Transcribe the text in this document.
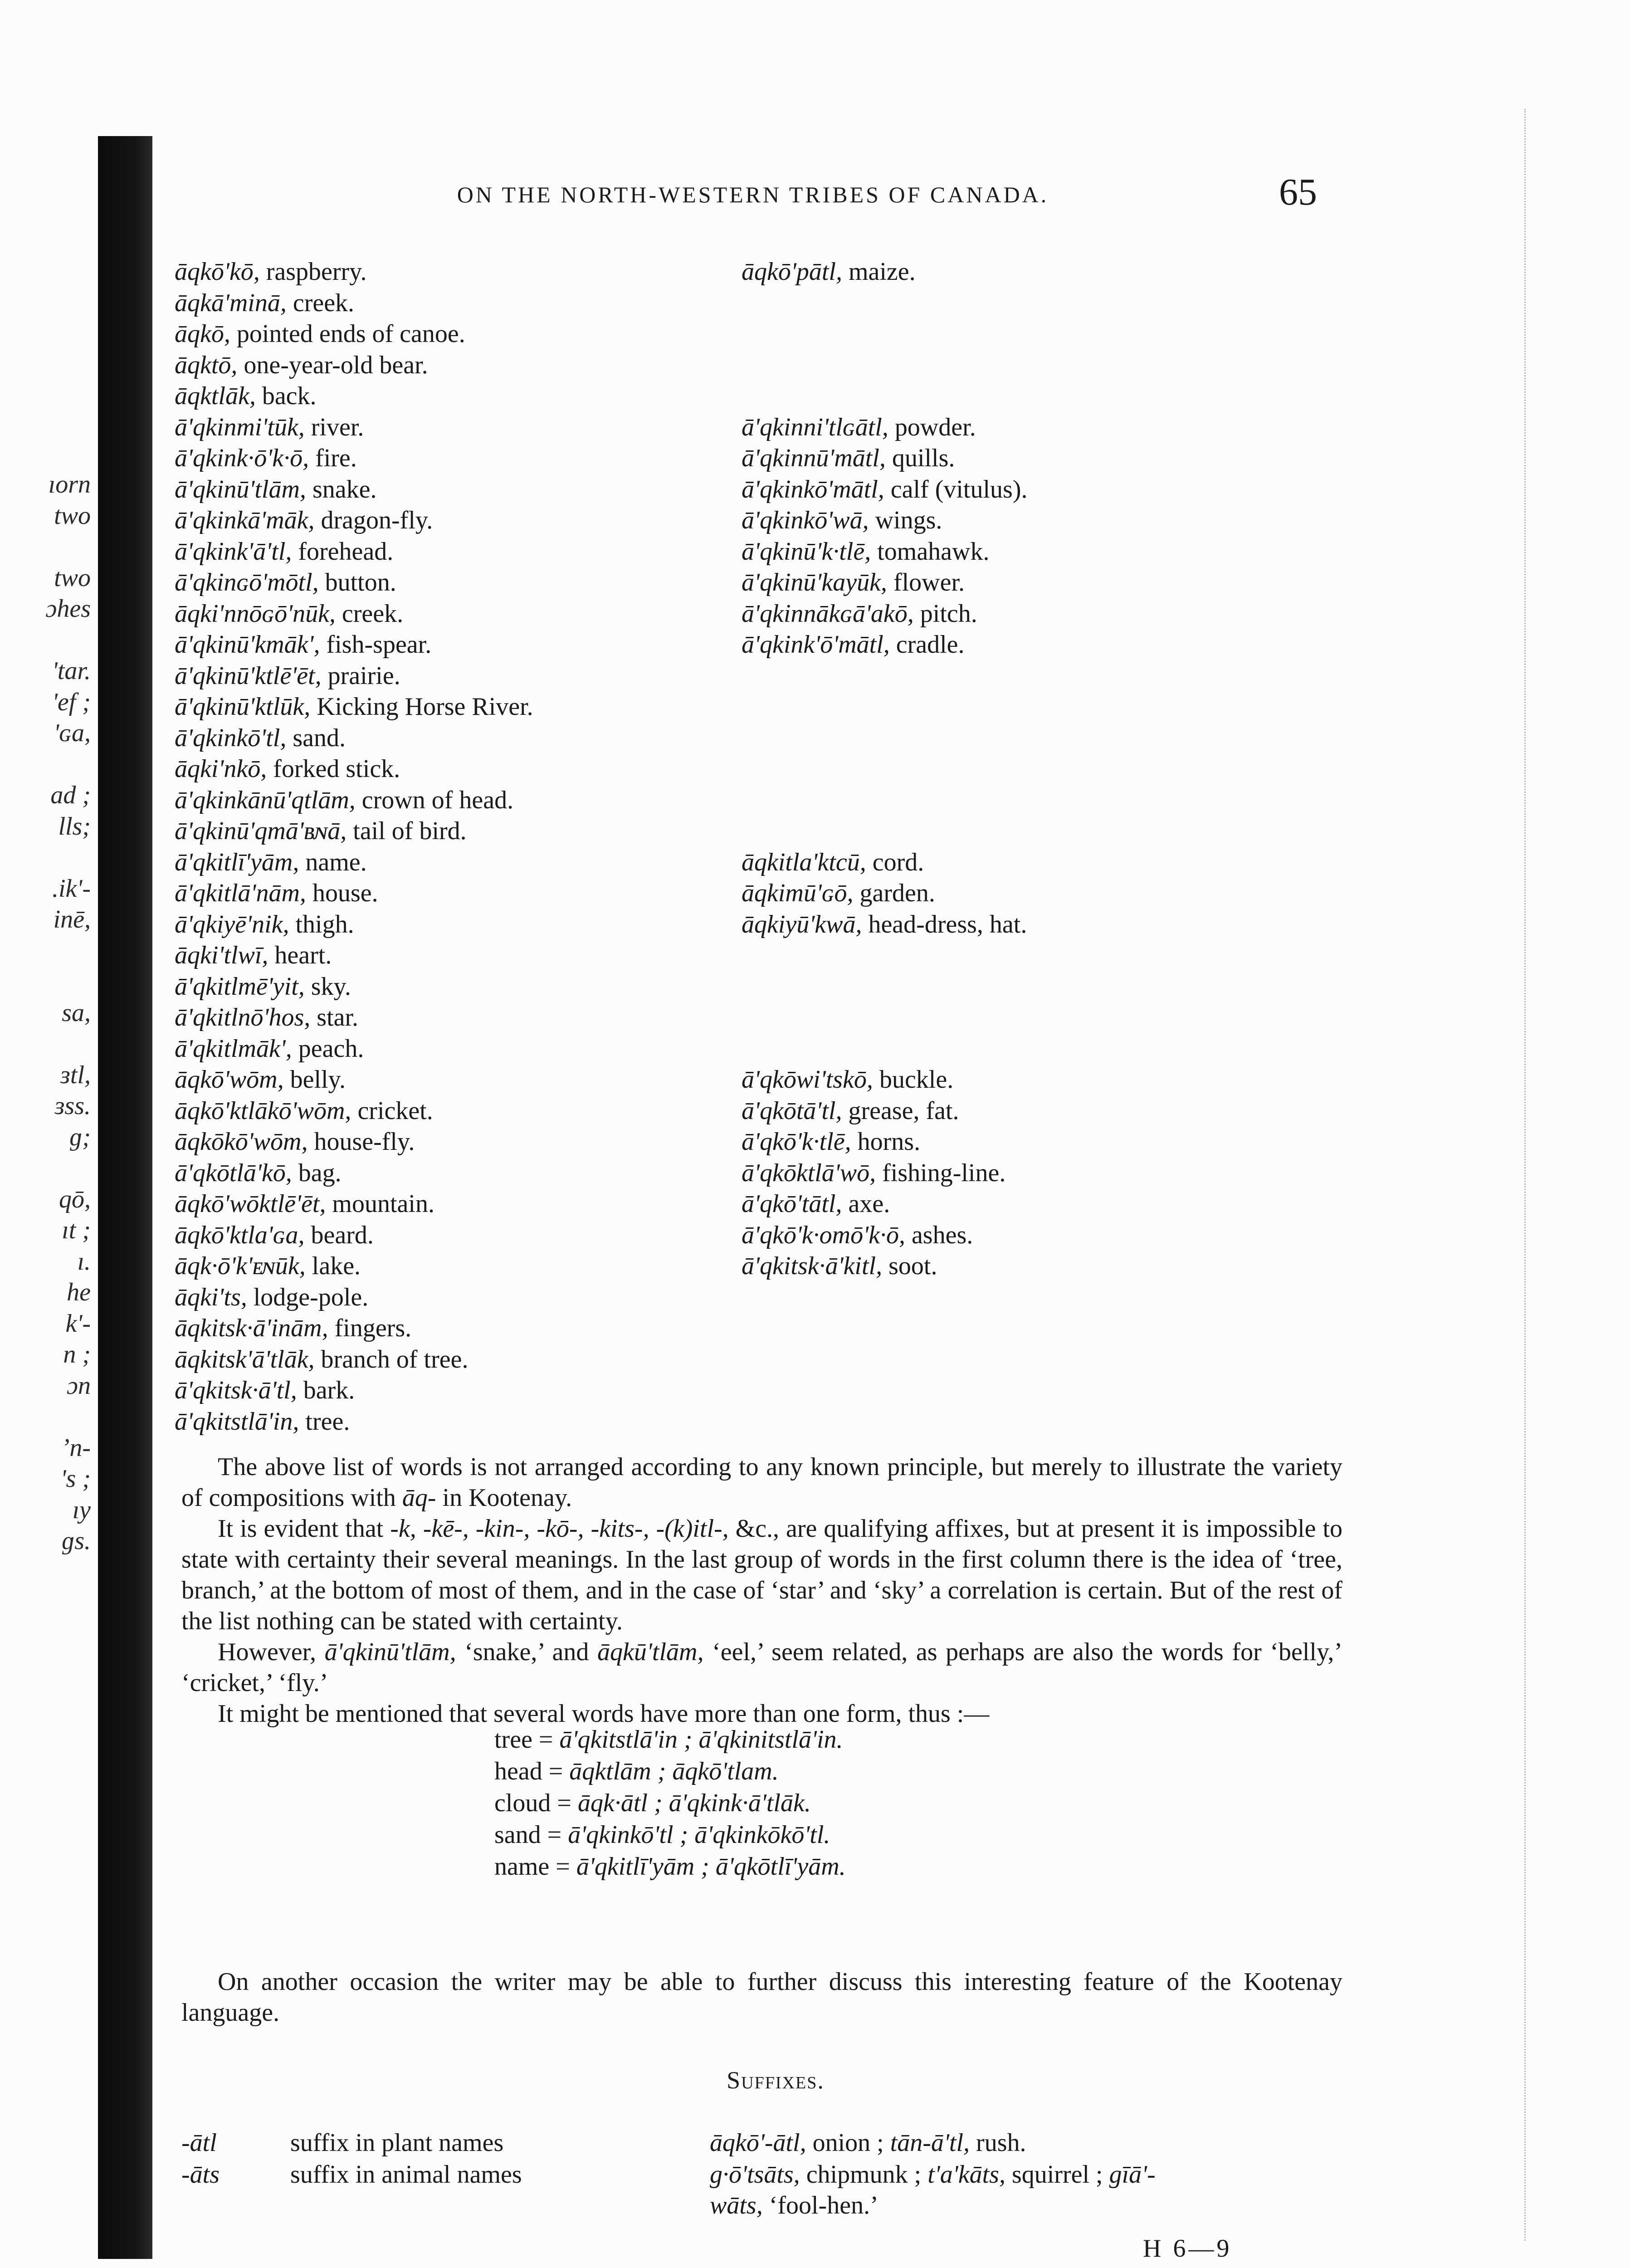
ıorn
two
two
ɔhes
'tar.
'ef ;
'ɢa,
ad ;
lls;
.ik'-
inē,
sa,
ɜtl,
ɜss.
ɡ;
qō,
ıt ;
ı.
he
k'-
n ;
ɔn
ʼn-
's ;
ıy
ɡs.
ON THE NORTH-WESTERN TRIBES OF CANADA.	65
āqkō'kō, raspberry.
āqkā'minā, creek.
āqkō, pointed ends of canoe.
āqktō, one-year-old bear.
āqktlāk, back.
ā'qkinmi'tūk, river.
ā'qkink·ō'k·ō, fire.
ā'qkinū'tlām, snake.
ā'qkinkā'māk, dragon-fly.
ā'qkink'ā'tl, forehead.
ā'qkinɢō'mōtl, button.
āqki'nnōɢō'nūk, creek.
ā'qkinū'kmāk', fish-spear.
ā'qkinū'ktlē'ēt, prairie.
ā'qkinū'ktlūk, Kicking Horse River.
ā'qkinkō'tl, sand.
āqki'nkō, forked stick.
ā'qkinkānū'qtlām, crown of head.
ā'qkinū'qmā'ʙɴā, tail of bird.
ā'qkitlī'yām, name.
ā'qkitlā'nām, house.
ā'qkiyē'nik, thigh.
āqki'tlwī, heart.
ā'qkitlmē'yit, sky.
ā'qkitlnō'hos, star.
ā'qkitlmāk', peach.
āqkō'wōm, belly.
āqkō'ktlākō'wōm, cricket.
āqkōkō'wōm, house-fly.
ā'qkōtlā'kō, bag.
āqkō'wōktlē'ēt, mountain.
āqkō'ktla'ɢa, beard.
āqk·ō'k'ᴇɴūk, lake.
āqki'ts, lodge-pole.
āqkitsk·ā'inām, fingers.
āqkitsk'ā'tlāk, branch of tree.
ā'qkitsk·ā'tl, bark.
ā'qkitstlā'in, tree.
āqkō'pātl, maize.
ā'qkinni'tlɢātl, powder.
ā'qkinnū'mātl, quills.
ā'qkinkō'mātl, calf (vitulus).
ā'qkinkō'wā, wings.
ā'qkinū'k·tlē, tomahawk.
ā'qkinū'kayūk, flower.
ā'qkinnākɢā'akō, pitch.
ā'qkink'ō'mātl, cradle.
āqkitla'ktcū, cord.
āqkimū'ɢō, garden.
āqkiyū'kwā, head-dress, hat.
ā'qkōwi'tskō, buckle.
ā'qkōtā'tl, grease, fat.
ā'qkō'k·tlē, horns.
ā'qkōktlā'wō, fishing-line.
ā'qkō'tātl, axe.
ā'qkō'k·omō'k·ō, ashes.
ā'qkitsk·ā'kitl, soot.

The above list of words is not arranged according to any known principle, but merely to illustrate the variety of compositions with āq- in Kootenay.

It is evident that -k, -kē-, -kin-, -kō-, -kits-, -(k)itl-, &c., are qualifying affixes, but at present it is impossible to state with certainty their several meanings. In the last group of words in the first column there is the idea of ‘tree, branch,’ at the bottom of most of them, and in the case of ‘star’ and ‘sky’ a correlation is certain. But of the rest of the list nothing can be stated with certainty.

However, ā'qkinū'tlām, ‘snake,’ and āqkū'tlām, ‘eel,’ seem related, as perhaps are also the words for ‘belly,’ ‘cricket,’ ‘fly.’

It might be mentioned that several words have more than one form, thus :—

tree = ā'qkitstlā'in ; ā'qkinitstlā'in.
head = āqktlām ; āqkō'tlam.
cloud = āqk·ātl ; ā'qkink·ā'tlāk.
sand = ā'qkinkō'tl ; ā'qkinkōkō'tl.
name = ā'qkitlī'yām ; ā'qkōtlī'yām.

On another occasion the writer may be able to further discuss this interesting feature of the Kootenay language.

Suffixes.
-ātl	suffix in plant names	āqkō'-ātl, onion ; tān-ā'tl, rush.
-āts	suffix in animal names	g·ō'tsāts, chipmunk ; t'a'kāts, squirrel ; gīā'-wāts, ‘fool-hen.’
H 6—9
